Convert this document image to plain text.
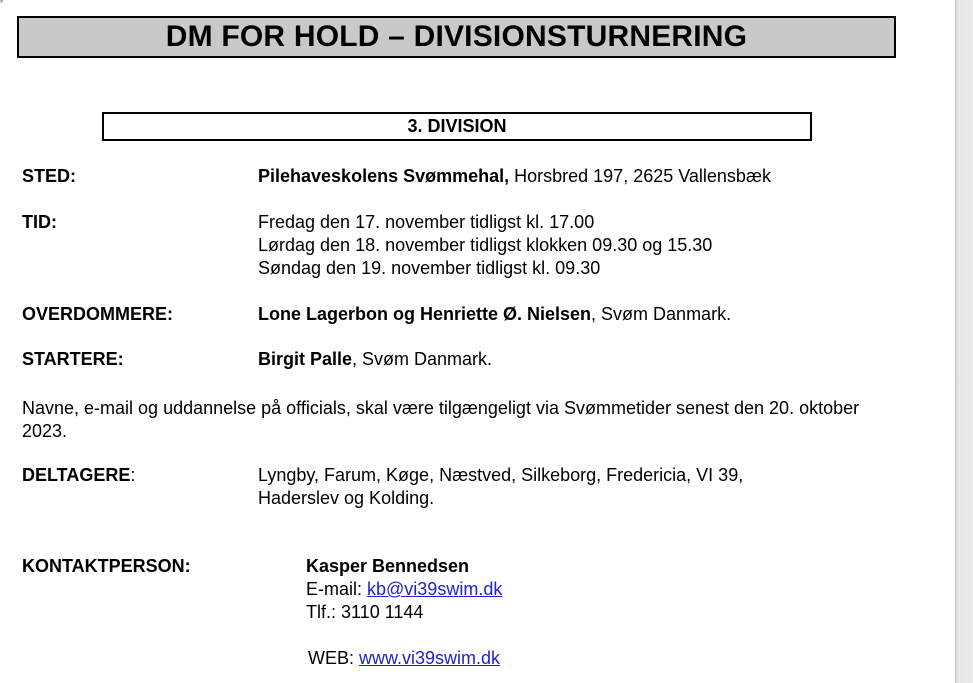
°
DM FOR HOLD – DIVISIONSTURNERING
3. DIVISION
STED:	Pilehaveskolens Svømmehal, Horsbred 197, 2625 Vallensbæk
TID:	Fredag den 17. november tidligst kl. 17.00
Lørdag den 18. november tidligst klokken 09.30 og 15.30
Søndag den 19. november tidligst kl. 09.30
OVERDOMMERE:	Lone Lagerbon og Henriette Ø. Nielsen, Svøm Danmark.
STARTERE:	Birgit Palle, Svøm Danmark.
Navne, e-mail og uddannelse på officials, skal være tilgængeligt via Svømmetider senest den 20. oktober 2023.
DELTAGERE:	Lyngby, Farum, Køge, Næstved, Silkeborg, Fredericia, VI 39,
Haderslev og Kolding.
KONTAKTPERSON:	Kasper Bennedsen
E-mail: kb@vi39swim.dk
Tlf.: 3110 1144
WEB: www.vi39swim.dk
